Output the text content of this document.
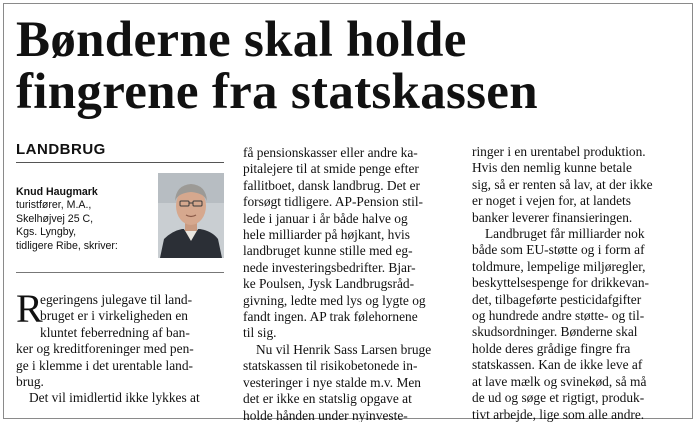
Bønderne skal holde
fingrene fra statskassen
LANDBRUG
Knud Haugmark
turistfører, M.A.,
Skelhøjvej 25 C,
Kgs. Lyngby,
tidligere Ribe, skriver:
R
egeringens julegave til land-
bruget er i virkeligheden en
kluntet feberredning af ban-
ker og kreditforeninger med pen-
ge i klemme i det urentable land-
brug.
Det vil imidlertid ikke lykkes at
få pensionskasser eller andre ka-
pitalejere til at smide penge efter
fallitboet, dansk landbrug. Det er
forsøgt tidligere. AP-Pension stil-
lede i januar i år både halve og
hele milliarder på højkant, hvis
landbruget kunne stille med eg-
nede investeringsbedrifter. Bjar-
ke Poulsen, Jysk Landbrugsråd-
givning, ledte med lys og lygte og
fandt ingen. AP trak følehornene
til sig.
Nu vil Henrik Sass Larsen bruge
statskassen til risikobetonede in-
vesteringer i nye stalde m.v. Men
det er ikke en statslig opgave at
holde hånden under nyinveste-
ringer i en urentabel produktion.
Hvis den nemlig kunne betale
sig, så er renten så lav, at der ikke
er noget i vejen for, at landets
banker leverer finansieringen.
Landbruget får milliarder nok
både som EU-støtte og i form af
toldmure, lempelige miljøregler,
beskyttelsespenge for drikkevan-
det, tilbageførte pesticidafgifter
og hundrede andre støtte- og til-
skudsordninger. Bønderne skal
holde deres grådige fingre fra
statskassen. Kan de ikke leve af
at lave mælk og svinekød, så må
de ud og søge et rigtigt, produk-
tivt arbejde, lige som alle andre.
